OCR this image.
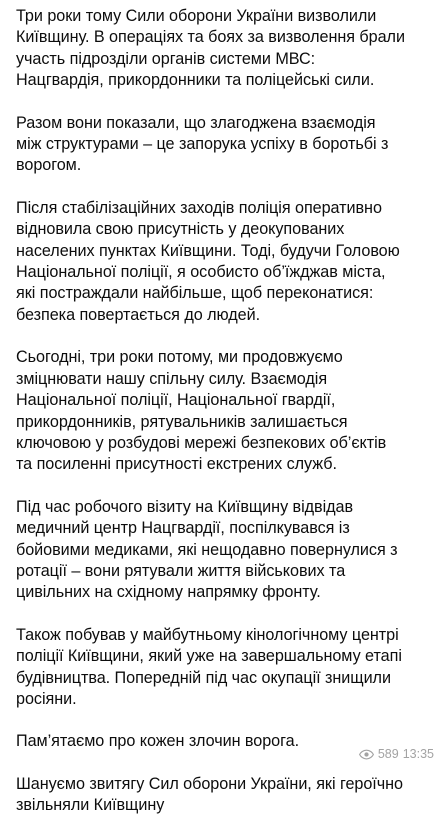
Три роки тому Сили оборони України визволили
Київщину. В операціях та боях за визволення брали
участь підрозділи органів системи МВС:
Нацгвардія, прикордонники та поліцейські сили.

Разом вони показали, що злагоджена взаємодія
між структурами – це запорука успіху в боротьбі з
ворогом.

Після стабілізаційних заходів поліція оперативно
відновила свою присутність у деокупованих
населених пунктах Київщини. Тоді, будучи Головою
Національної поліції, я особисто об’їжджав міста,
які постраждали найбільше, щоб переконатися:
безпека повертається до людей.

Сьогодні, три роки потому, ми продовжуємо
зміцнювати нашу спільну силу. Взаємодія
Національної поліції, Національної гвардії,
прикордонників, рятувальників залишається
ключовою у розбудові мережі безпекових об’єктів
та посиленні присутності екстрених служб.

Під час робочого візиту на Київщину відвідав
медичний центр Нацгвардії, поспілкувався із
бойовими медиками, які нещодавно повернулися з
ротації – вони рятували життя військових та
цивільних на східному напрямку фронту.

Також побував у майбутньому кінологічному центрі
поліції Київщини, який уже на завершальному етапі
будівництва. Попередній під час окупації знищили
росіяни.

Пам’ятаємо про кожен злочин ворога.

Шануємо звитягу Сил оборони України, які героїчно
звільняли Київщину

589 13:35
